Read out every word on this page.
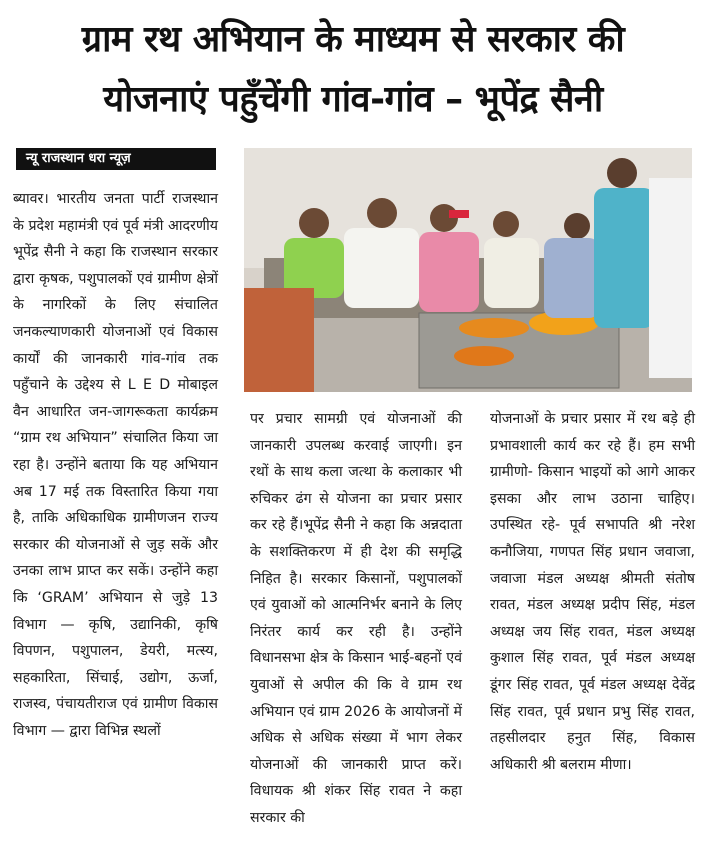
ग्राम रथ अभियान के माध्यम से सरकार की
योजनाएं पहुँचेंगी गांव-गांव – भूपेंद्र सैनी
न्यू राजस्थान धरा न्यूज़
ब्यावर। भारतीय जनता पार्टी राजस्थान के प्रदेश महामंत्री एवं पूर्व मंत्री आदरणीय भूपेंद्र सैनी ने कहा कि राजस्थान सरकार द्वारा कृषक, पशुपालकों एवं ग्रामीण क्षेत्रों के नागरिकों के लिए संचालित जनकल्याणकारी योजनाओं एवं विकास कार्यों की जानकारी गांव-गांव तक पहुँचाने के उद्देश्य से L E D मोबाइल वैन आधारित जन-जागरूकता कार्यक्रम “ग्राम रथ अभियान” संचालित किया जा रहा है। उन्होंने बताया कि यह अभियान अब 17 मई तक विस्तारित किया गया है, ताकि अधिकाधिक ग्रामीणजन राज्य सरकार की योजनाओं से जुड़ सकें और उनका लाभ प्राप्त कर सकें। उन्होंने कहा कि ‘GRAM’ अभियान से जुड़े 13 विभाग — कृषि, उद्यानिकी, कृषि विपणन, पशुपालन, डेयरी, मत्स्य, सहकारिता, सिंचाई, उद्योग, ऊर्जा, राजस्व, पंचायतीराज एवं ग्रामीण विकास विभाग — द्वारा विभिन्न स्थलों
पर प्रचार सामग्री एवं योजनाओं की जानकारी उपलब्ध करवाई जाएगी। इन रथों के साथ कला जत्था के कलाकार भी रुचिकर ढंग से योजना का प्रचार प्रसार कर रहे हैं।भूपेंद्र सैनी ने कहा कि अन्नदाता के सशक्तिकरण में ही देश की समृद्धि निहित है। सरकार किसानों, पशुपालकों एवं युवाओं को आत्मनिर्भर बनाने के लिए निरंतर कार्य कर रही है। उन्होंने विधानसभा क्षेत्र के किसान भाई-बहनों एवं युवाओं से अपील की कि वे ग्राम रथ अभियान एवं ग्राम 2026 के आयोजनों में अधिक से अधिक संख्या में भाग लेकर योजनाओं की जानकारी प्राप्त करें। विधायक श्री शंकर सिंह रावत ने कहा सरकार की
योजनाओं के प्रचार प्रसार में रथ बड़े ही प्रभावशाली कार्य कर रहे हैं। हम सभी ग्रामीणो- किसान भाइयों को आगे आकर इसका और लाभ उठाना चाहिए। उपस्थित रहे- पूर्व सभापति श्री नरेश कनौजिया, गणपत सिंह प्रधान जवाजा, जवाजा मंडल अध्यक्ष श्रीमती संतोष रावत, मंडल अध्यक्ष प्रदीप सिंह, मंडल अध्यक्ष जय सिंह रावत, मंडल अध्यक्ष कुशाल सिंह रावत, पूर्व मंडल अध्यक्ष डूंगर सिंह रावत, पूर्व मंडल अध्यक्ष देवेंद्र सिंह रावत, पूर्व प्रधान प्रभु सिंह रावत, तहसीलदार हनुत सिंह, विकास अधिकारी श्री बलराम मीणा।
